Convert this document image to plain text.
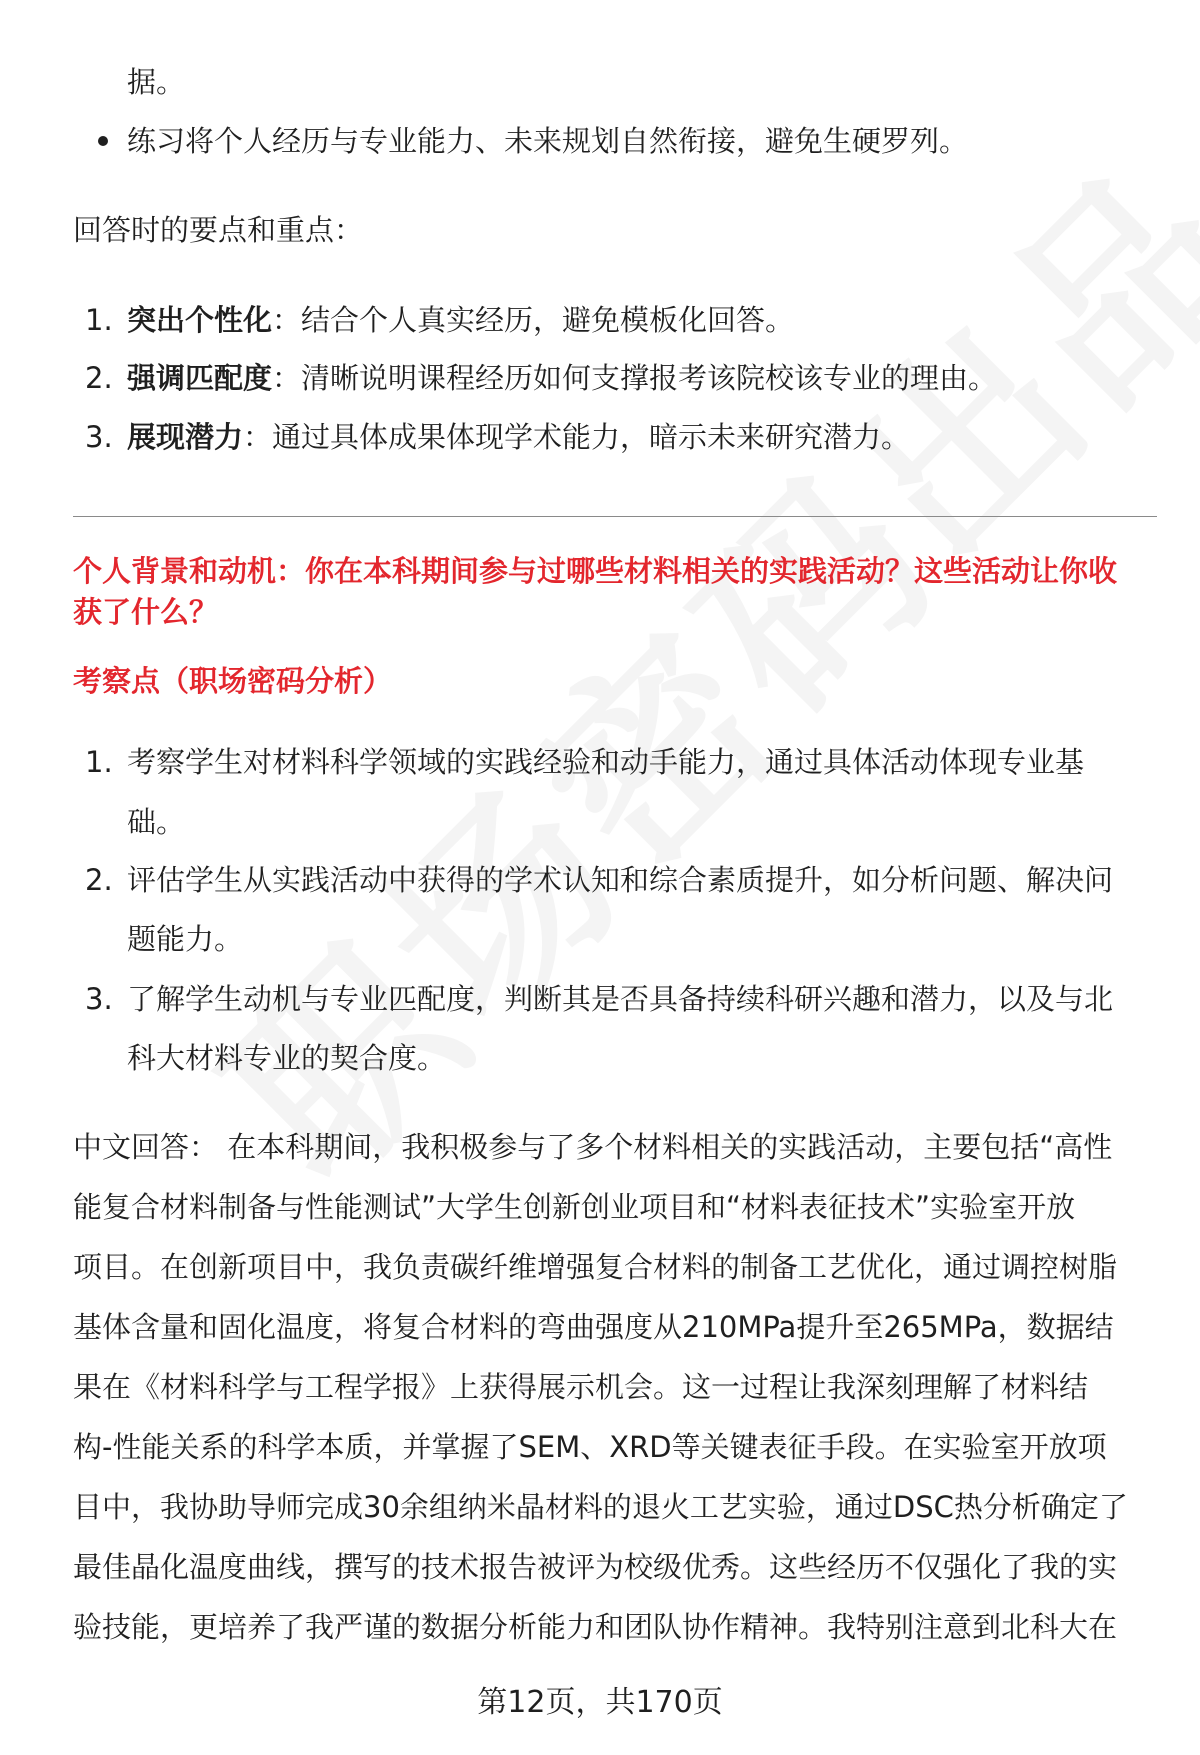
据。
练习将个人经历与专业能力、未来规划自然衔接，避免生硬罗列。
回答时的要点和重点：
1. 突出个性化：结合个人真实经历，避免模板化回答。
2. 强调匹配度：清晰说明课程经历如何支撑报考该院校该专业的理由。
3. 展现潜力：通过具体成果体现学术能力，暗示未来研究潜力。
个人背景和动机：你在本科期间参与过哪些材料相关的实践活动？这些活动让你收
获了什么？
考察点（职场密码分析）
1. 考察学生对材料科学领域的实践经验和动手能力，通过具体活动体现专业基
础。
2. 评估学生从实践活动中获得的学术认知和综合素质提升，如分析问题、解决问
题能力。
3. 了解学生动机与专业匹配度，判断其是否具备持续科研兴趣和潜力，以及与北
科大材料专业的契合度。
中文回答： 在本科期间，我积极参与了多个材料相关的实践活动，主要包括“高性
能复合材料制备与性能测试”大学生创新创业项目和“材料表征技术”实验室开放
项目。在创新项目中，我负责碳纤维增强复合材料的制备工艺优化，通过调控树脂
基体含量和固化温度，将复合材料的弯曲强度从210MPa提升至265MPa，数据结
果在《材料科学与工程学报》上获得展示机会。这一过程让我深刻理解了材料结
构-性能关系的科学本质，并掌握了SEM、XRD等关键表征手段。在实验室开放项
目中，我协助导师完成30余组纳米晶材料的退火工艺实验，通过DSC热分析确定了
最佳晶化温度曲线，撰写的技术报告被评为校级优秀。这些经历不仅强化了我的实
验技能，更培养了我严谨的数据分析能力和团队协作精神。我特别注意到北科大在
第12页，共170页
